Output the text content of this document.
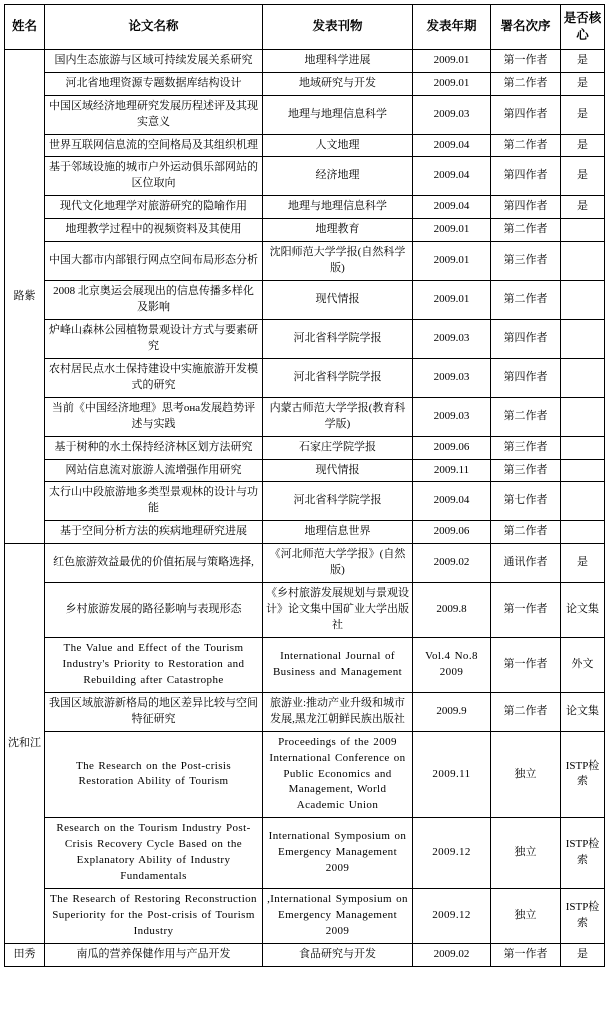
姓名	论文名称	发表刊物	发表年期	署名次序	是否核心
路紫	国内生态旅游与区域可持续发展关系研究	地理科学进展	2009.01	第一作者	是
	河北省地理资源专题数据库结构设计	地域研究与开发	2009.01	第二作者	是
	中国区域经济地理研究发展历程述评及其现实意义	地理与地理信息科学	2009.03	第四作者	是
	世界互联网信息流的空间格局及其组织机理	人文地理	2009.04	第二作者	是
	基于邻域设施的城市户外运动俱乐部网站的区位取向	经济地理	2009.04	第四作者	是
	现代文化地理学对旅游研究的隐喻作用	地理与地理信息科学	2009.04	第四作者	是
	地理教学过程中的视频资料及其使用	地理教育	2009.01	第二作者	
	中国大都市内部银行网点空间布局形态分析	沈阳师范大学学报(自然科学版)	2009.01	第三作者	
	2008 北京奥运会展现出的信息传播多样化及影响	现代情报	2009.01	第二作者	
	炉峰山森林公园植物景观设计方式与要素研究	河北省科学院学报	2009.03	第四作者	
	农村居民点水土保持建设中实施旅游开发模式的研究	河北省科学院学报	2009.03	第四作者	
	当前《中国经济地理》思考она发展趋势评述与实践	内蒙古师范大学学报(教育科学版)	2009.03	第二作者	
	基于树种的水土保持经济林区划方法研究	石家庄学院学报	2009.06	第三作者	
	网站信息流对旅游人流增强作用研究	现代情报	2009.11	第三作者	
	太行山中段旅游地多类型景观林的设计与功能	河北省科学院学报	2009.04	第七作者	
	基于空间分析方法的疾病地理研究进展	地理信息世界	2009.06	第二作者	
沈和江	红色旅游效益最优的价值拓展与策略选择,	《河北师范大学学报》(自然版)	2009.02	通讯作者	是
	乡村旅游发展的路径影响与表现形态	《乡村旅游发展规划与景观设计》论文集中国矿业大学出版社	2009.8	第一作者	论文集
	The Value and Effect of the Tourism Industry's Priority to Restoration and Rebuilding after Catastrophe	International Journal of Business and Management	Vol.4 No.8 2009	第一作者	外文
	我国区域旅游新格局的地区差异比较与空间特征研究	旅游业:推动产业升级和城市发展,黑龙江朝鲜民族出版社	2009.9	第二作者	论文集
	The Research on the Post-crisis Restoration Ability of Tourism	Proceedings of the 2009 International Conference on Public Economics and Management, World Academic Union	2009.11	独立	ISTP检索
	Research on the Tourism Industry Post-Crisis Recovery Cycle Based on the Explanatory Ability of Industry Fundamentals	International Symposium on Emergency Management 2009	2009.12	独立	ISTP检索
	The Research of Restoring Reconstruction Superiority for the Post-crisis of Tourism Industry	,International Symposium on Emergency Management 2009	2009.12	独立	ISTP检索
田秀	南瓜的营养保健作用与产品开发	食品研究与开发	2009.02	第一作者	是
